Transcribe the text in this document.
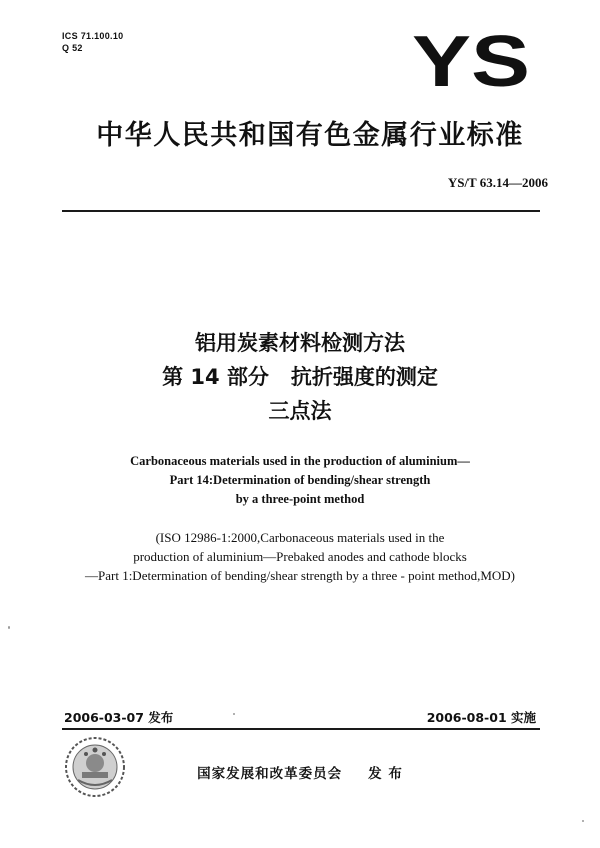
ICS 71.100.10
Q 52	YS
中华人民共和国有色金属行业标准
YS/T 63.14—2006
铝用炭素材料检测方法
第 14 部分 抗折强度的测定
三点法
Carbonaceous materials used in the production of aluminium—
Part 14:Determination of bending/shear strength
by a three-point method
(ISO 12986-1:2000,Carbonaceous materials used in the
production of aluminium—Prebaked anodes and cathode blocks
—Part 1:Determination of bending/shear strength by a three - point method,MOD)
2006-03-07 发布	2006-08-01 实施
国家发展和改革委员会 发 布
